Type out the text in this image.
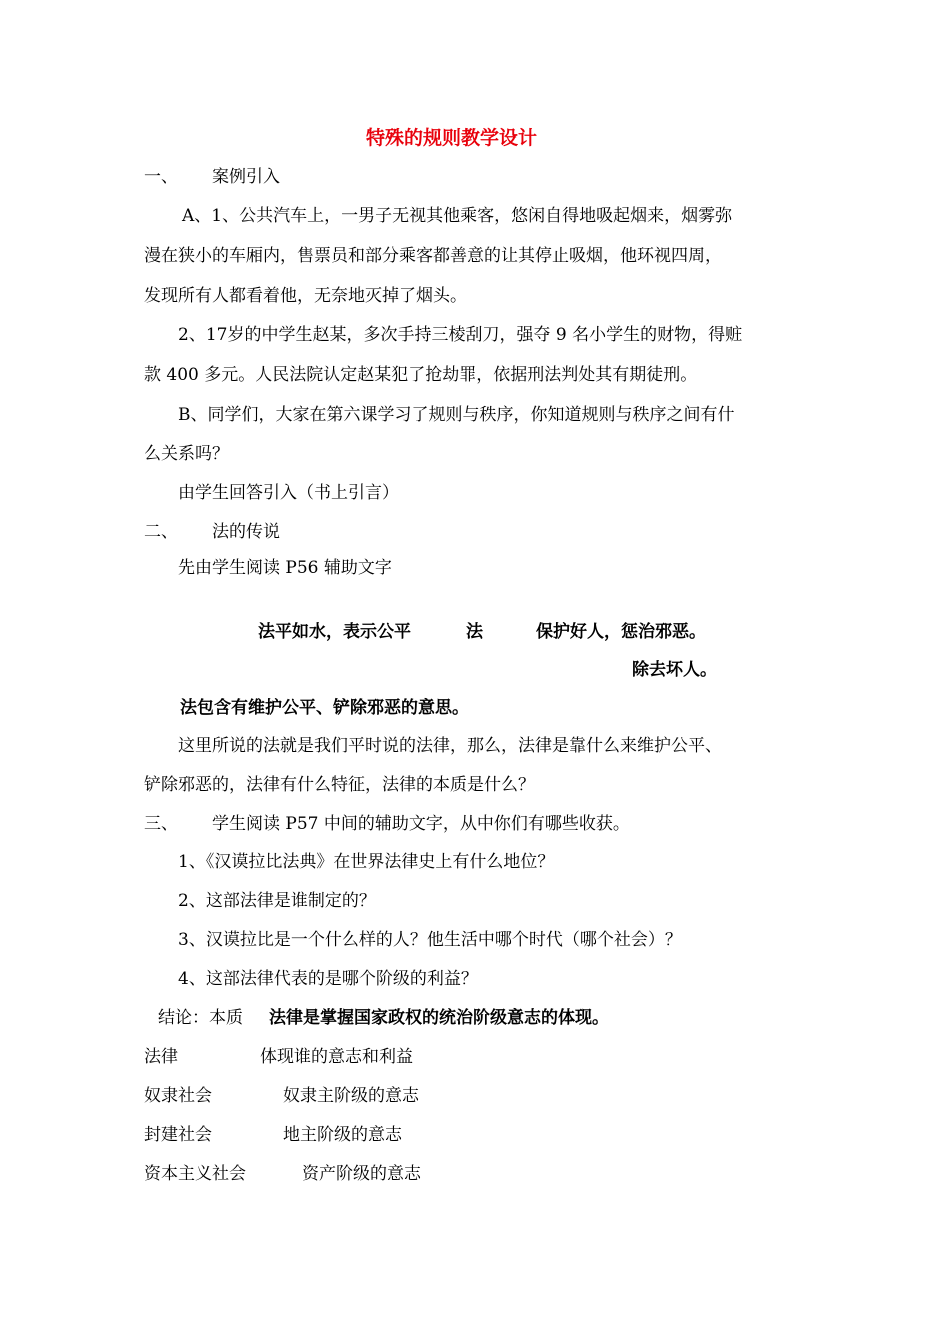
特殊的规则教学设计
一、 案例引入
A、1、公共汽车上，一男子无视其他乘客，悠闲自得地吸起烟来，烟雾弥
漫在狭小的车厢内，售票员和部分乘客都善意的让其停止吸烟，他环视四周，
发现所有人都看着他，无奈地灭掉了烟头。
2、17岁的中学生赵某，多次手持三棱刮刀，强夺 9 名小学生的财物，得赃
款 400 多元。人民法院认定赵某犯了抢劫罪，依据刑法判处其有期徒刑。
B、同学们，大家在第六课学习了规则与秩序，你知道规则与秩序之间有什
么关系吗？
由学生回答引入（书上引言）
二、 法的传说
先由学生阅读 P56 辅助文字
法平如水，表示公平	法	保护好人，惩治邪恶。
除去坏人。
法包含有维护公平、铲除邪恶的意思。
这里所说的法就是我们平时说的法律，那么，法律是靠什么来维护公平、
铲除邪恶的，法律有什么特征，法律的本质是什么？
三、 学生阅读 P57 中间的辅助文字，从中你们有哪些收获。
1、《汉谟拉比法典》在世界法律史上有什么地位？
2、这部法律是谁制定的？
3、汉谟拉比是一个什么样的人？他生活中哪个时代（哪个社会）？
4、这部法律代表的是哪个阶级的利益？
结论：本质 法律是掌握国家政权的统治阶级意志的体现。
法律	体现谁的意志和利益
奴隶社会	奴隶主阶级的意志
封建社会	地主阶级的意志
资本主义社会	资产阶级的意志
